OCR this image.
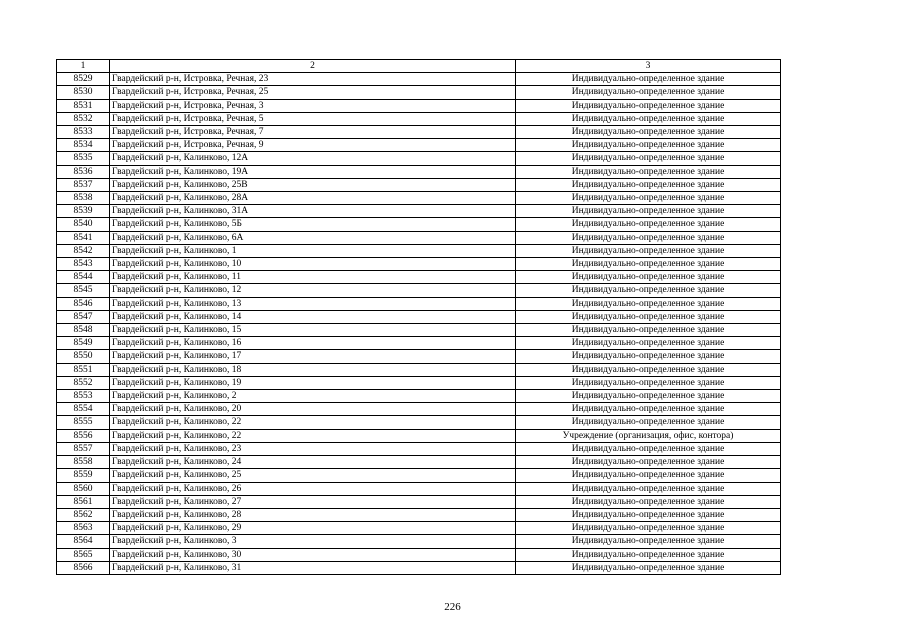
1	2	3
8529	Гвардейский р-н, Истровка, Речная, 23	Индивидуально-определенное здание
8530	Гвардейский р-н, Истровка, Речная, 25	Индивидуально-определенное здание
8531	Гвардейский р-н, Истровка, Речная, 3	Индивидуально-определенное здание
8532	Гвардейский р-н, Истровка, Речная, 5	Индивидуально-определенное здание
8533	Гвардейский р-н, Истровка, Речная, 7	Индивидуально-определенное здание
8534	Гвардейский р-н, Истровка, Речная, 9	Индивидуально-определенное здание
8535	Гвардейский р-н, Калинково, 12А	Индивидуально-определенное здание
8536	Гвардейский р-н, Калинково, 19А	Индивидуально-определенное здание
8537	Гвардейский р-н, Калинково, 25В	Индивидуально-определенное здание
8538	Гвардейский р-н, Калинково, 28А	Индивидуально-определенное здание
8539	Гвардейский р-н, Калинково, 31А	Индивидуально-определенное здание
8540	Гвардейский р-н, Калинково, 5Б	Индивидуально-определенное здание
8541	Гвардейский р-н, Калинково, 6А	Индивидуально-определенное здание
8542	Гвардейский р-н, Калинково, 1	Индивидуально-определенное здание
8543	Гвардейский р-н, Калинково, 10	Индивидуально-определенное здание
8544	Гвардейский р-н, Калинково, 11	Индивидуально-определенное здание
8545	Гвардейский р-н, Калинково, 12	Индивидуально-определенное здание
8546	Гвардейский р-н, Калинково, 13	Индивидуально-определенное здание
8547	Гвардейский р-н, Калинково, 14	Индивидуально-определенное здание
8548	Гвардейский р-н, Калинково, 15	Индивидуально-определенное здание
8549	Гвардейский р-н, Калинково, 16	Индивидуально-определенное здание
8550	Гвардейский р-н, Калинково, 17	Индивидуально-определенное здание
8551	Гвардейский р-н, Калинково, 18	Индивидуально-определенное здание
8552	Гвардейский р-н, Калинково, 19	Индивидуально-определенное здание
8553	Гвардейский р-н, Калинково, 2	Индивидуально-определенное здание
8554	Гвардейский р-н, Калинково, 20	Индивидуально-определенное здание
8555	Гвардейский р-н, Калинково, 22	Индивидуально-определенное здание
8556	Гвардейский р-н, Калинково, 22	Учреждение (организация, офис, контора)
8557	Гвардейский р-н, Калинково, 23	Индивидуально-определенное здание
8558	Гвардейский р-н, Калинково, 24	Индивидуально-определенное здание
8559	Гвардейский р-н, Калинково, 25	Индивидуально-определенное здание
8560	Гвардейский р-н, Калинково, 26	Индивидуально-определенное здание
8561	Гвардейский р-н, Калинково, 27	Индивидуально-определенное здание
8562	Гвардейский р-н, Калинково, 28	Индивидуально-определенное здание
8563	Гвардейский р-н, Калинково, 29	Индивидуально-определенное здание
8564	Гвардейский р-н, Калинково, 3	Индивидуально-определенное здание
8565	Гвардейский р-н, Калинково, 30	Индивидуально-определенное здание
8566	Гвардейский р-н, Калинково, 31	Индивидуально-определенное здание
226
